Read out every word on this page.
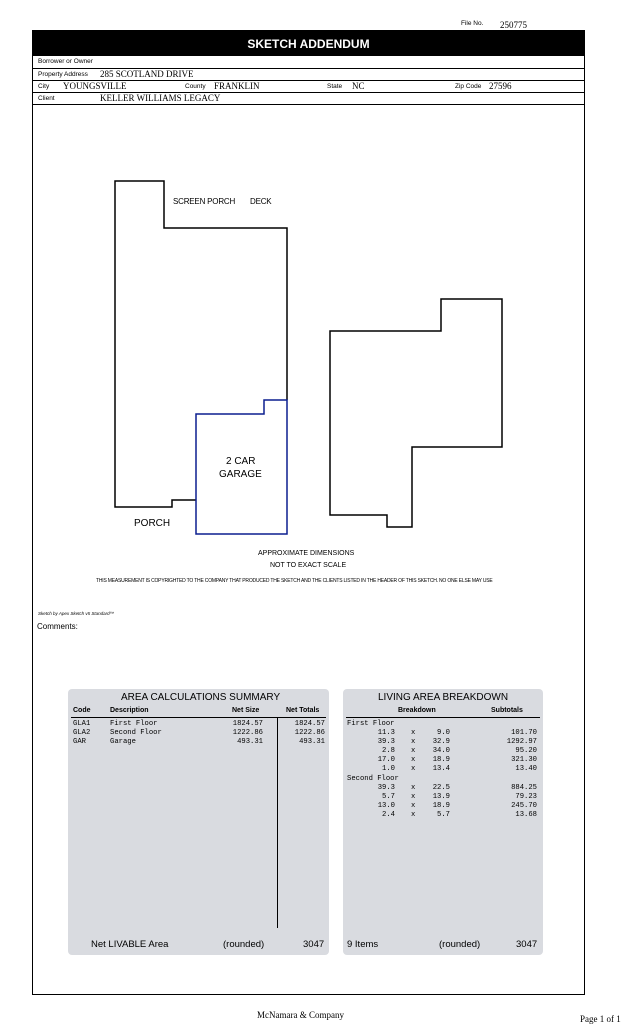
File No. 250775
SKETCH ADDENDUM
Borrower or Owner
Property Address 285 SCOTLAND DRIVE
City YOUNGSVILLE	County FRANKLIN	State NC	Zip Code 27596
Client	KELLER WILLIAMS LEGACY
SCREEN PORCH DECK
2 CAR
GARAGE
PORCH
APPROXIMATE DIMENSIONS
NOT TO EXACT SCALE
THIS MEASUREMENT IS COPYRIGHTED TO THE COMPANY THAT PRODUCED THE SKETCH AND THE CLIENTS LISTED IN THE HEADER OF THIS SKETCH. NO ONE ELSE MAY USE
Sketch by Apex Sketch v5 Standard™
Comments:
AREA CALCULATIONS SUMMARY
Code	Description	Net Size	Net Totals
GLA1	First Floor	1824.57	1824.57
GLA2	Second Floor	1222.86	1222.86
GAR	Garage	493.31	493.31
Net LIVABLE Area	(rounded)	3047
LIVING AREA BREAKDOWN
Breakdown	Subtotals
First Floor
11.3 x	9.0	101.70
39.3 x 32.9	1292.97
2.8 x 34.0	95.20
17.0 x 18.9	321.30
1.0 x 13.4	13.40
Second Floor
39.3 x 22.5	884.25
5.7 x 13.9	79.23
13.0 x 18.9	245.70
2.4 x	5.7	13.68
9 Items	(rounded)	3047
McNamara & Company	Page 1 of 1
